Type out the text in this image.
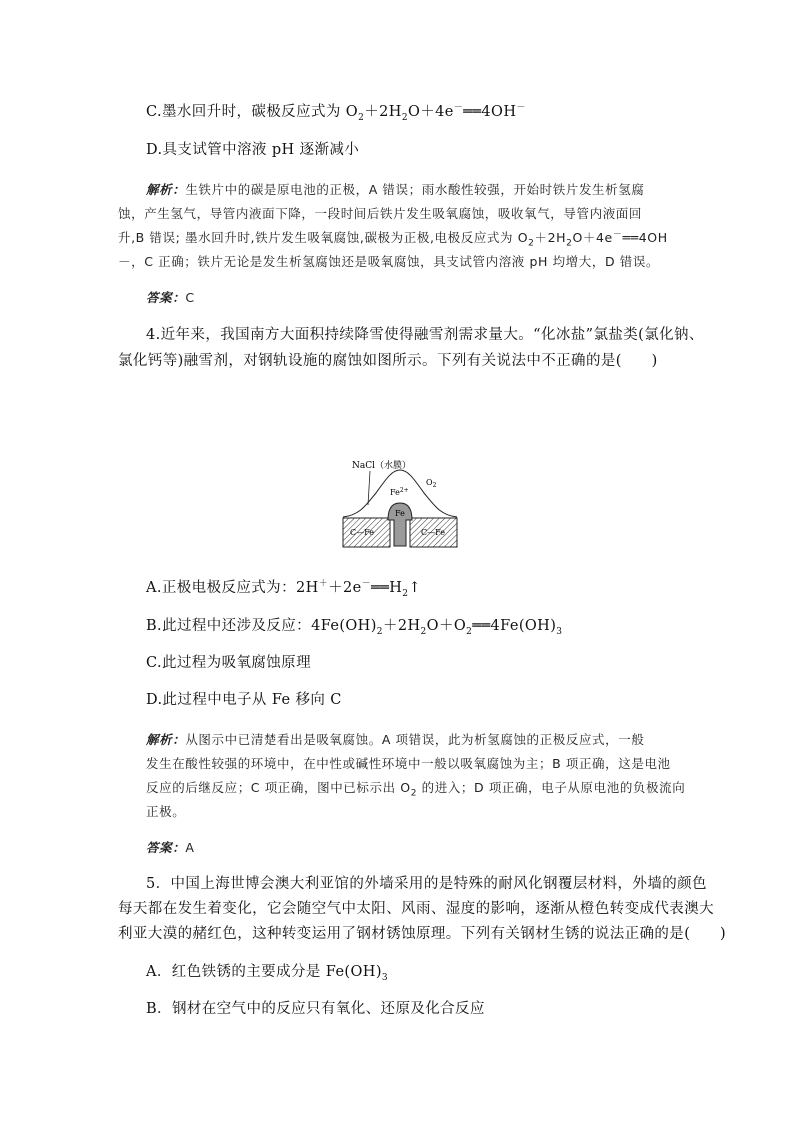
C.墨水回升时，碳极反应式为 $O_2+2H_2O+4e^-══4OH^-$
D.具支试管中溶液 pH 逐渐减小
解析：生铁片中的碳是原电池的正极，A 错误；雨水酸性较强，开始时铁片发生析氢腐
蚀，产生氢气，导管内液面下降，一段时间后铁片发生吸氧腐蚀，吸收氧气，导管内液面回
升,B 错误; 墨水回升时,铁片发生吸氧腐蚀,碳极为正极,电极反应式为 $O_2+2H_2O+4e^-══4OH$
－，C 正确；铁片无论是发生析氢腐蚀还是吸氧腐蚀，具支试管内溶液 pH 均增大，D 错误。
答案：C
4.近年来，我国南方大面积持续降雪使得融雪剂需求量大。“化冰盐”氯盐类(氯化钠、
氯化钙等)融雪剂，对钢轨设施的腐蚀如图所示。下列有关说法中不正确的是(　　)
NaCl（水膜）
$Fe^{2+}$
$O_2$
Fe
C—Fe	C—Fe
A.正极电极反应式为：$2H^++2e^-══H_2↑$
B.此过程中还涉及反应：$4Fe(OH)_2+2H_2O+O_2══4Fe(OH)_3$
C.此过程为吸氧腐蚀原理
D.此过程中电子从 Fe 移向 C
解析：从图示中已清楚看出是吸氧腐蚀。A 项错误，此为析氢腐蚀的正极反应式，一般
发生在酸性较强的环境中，在中性或碱性环境中一般以吸氧腐蚀为主；B 项正确，这是电池
反应的后继反应；C 项正确，图中已标示出 $O_2$ 的进入；D 项正确，电子从原电池的负极流向
正极。
答案：A
5．中国上海世博会澳大利亚馆的外墙采用的是特殊的耐风化钢覆层材料，外墙的颜色
每天都在发生着变化，它会随空气中太阳、风雨、湿度的影响，逐渐从橙色转变成代表澳大
利亚大漠的赭红色，这种转变运用了钢材锈蚀原理。下列有关钢材生锈的说法正确的是(　　)
A．红色铁锈的主要成分是 $Fe(OH)_3$
B．钢材在空气中的反应只有氧化、还原及化合反应
